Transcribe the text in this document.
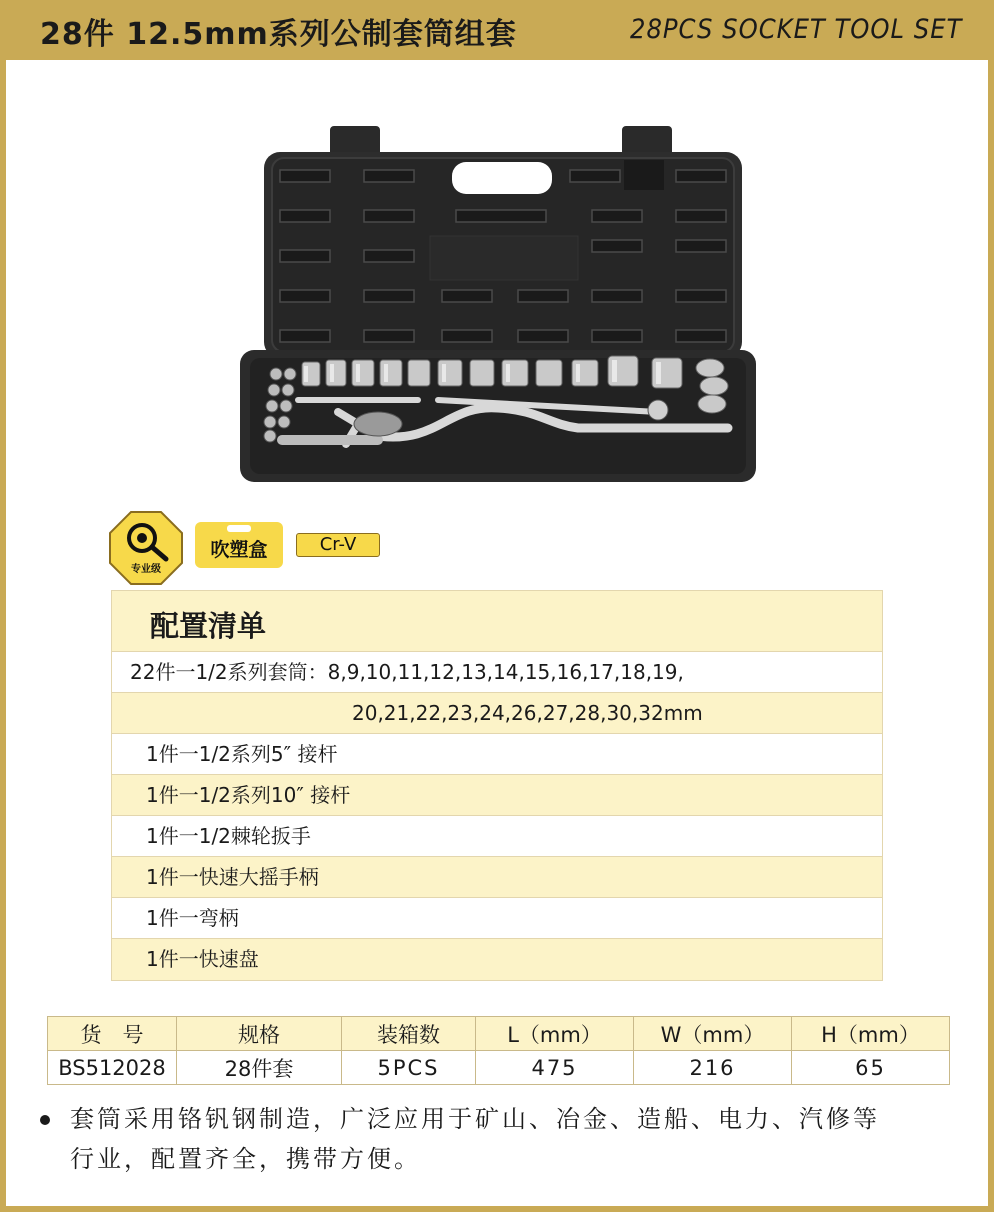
28件 12.5mm系列公制套筒组套	28PCS SOCKET TOOL SET
专业级
吹塑盒	Cr-V
配置清单
22件一1/2系列套筒：8,9,10,11,12,13,14,15,16,17,18,19,
20,21,22,23,24,26,27,28,30,32mm
1件一1/2系列5″ 接杆
1件一1/2系列10″ 接杆
1件一1/2棘轮扳手
1件一快速大摇手柄
1件一弯柄
1件一快速盘
货　号	规格	装箱数	L（mm）	W（mm）	H（mm）
BS512028	28件套	5PCS	475	216	65
套筒采用铬钒钢制造，广泛应用于矿山、冶金、造船、电力、汽修等
行业，配置齐全，携带方便。
